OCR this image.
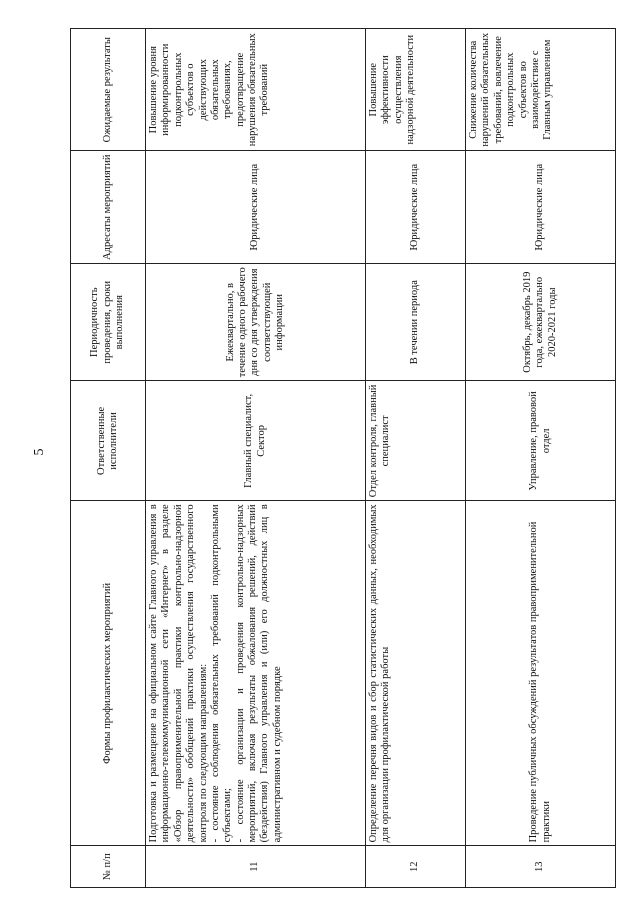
5
№ п/п	Формы профилактических мероприятий	Ответственные исполнители	Периодичность проведения, сроки выполнения	Адресаты мероприятий	Ожидаемые результаты
11	Подготовка и размещение на официальном сайте Главного управления в информационно-телекоммуникационной сети «Интернет» в разделе «Обзор правоприменительной практики контрольно-надзорной деятельности» обобщений практики осуществления государственного контроля по следующим направлениям: - состояние соблюдения обязательных требований подконтрольными субъектами; - состояние организации и проведения контрольно-надзорных мероприятий, включая результаты обжалования решений, действий (бездействия) Главного управления и (или) его должностных лиц в административном и судебном порядке	Главный специалист, Сектор	Ежеквартально, в течение одного рабочего дня со дня утверждения соответствующей информации	Юридические лица	Повышение уровня информированности подконтрольных субъектов о действующих обязательных требованиях, предотвращение нарушения обязательных требований
12	Определение перечня видов и сбор статистических данных, необходимых для организации профилактической работы	Отдел контроля, главный специалист	В течении периода	Юридические лица	Повышение эффективности осуществления надзорной деятельности
13	Проведение публичных обсуждений результатов правоприменительной практики	Управление, правовой отдел	Октябрь, декабрь 2019 года, ежеквартально 2020-2021 годы	Юридические лица	Снижение количества нарушений обязательных требований, вовлечение подконтрольных субъектов во взаимодействие с Главным управлением
